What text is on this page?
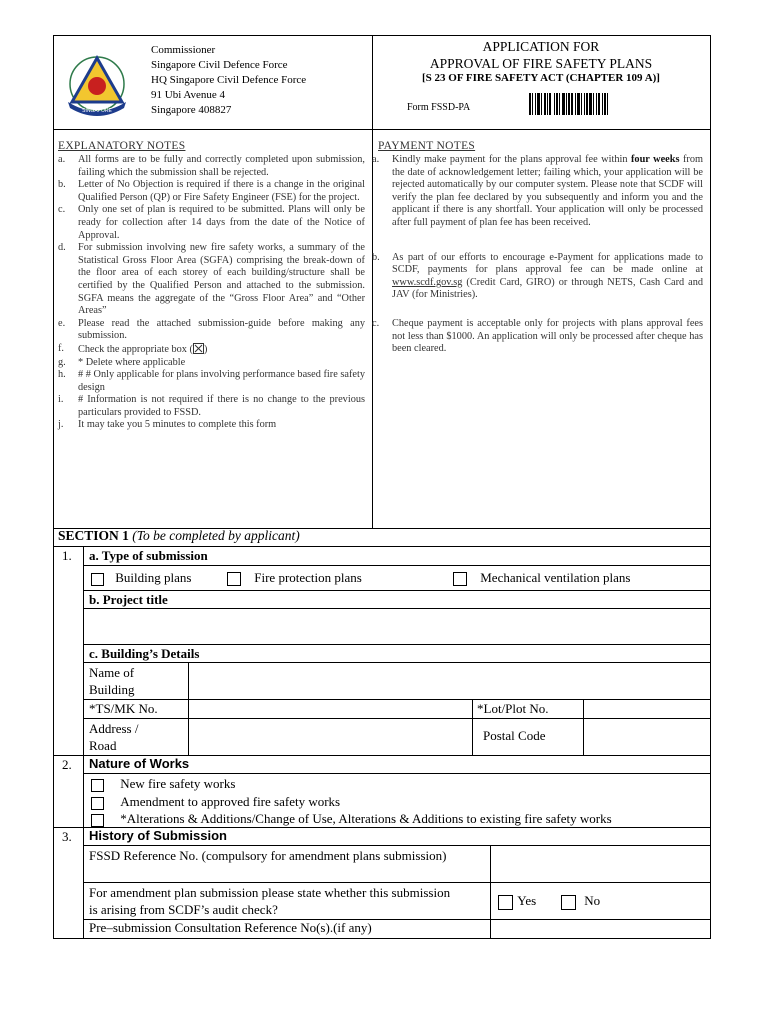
SINGAPORE
Commissioner
Singapore Civil Defence Force
HQ Singapore Civil Defence Force
91 Ubi Avenue 4
Singapore 408827
APPLICATION FOR
APPROVAL OF FIRE SAFETY PLANS
[S 23 OF FIRE SAFETY ACT (CHAPTER 109 A)]
Form FSSD-PA
EXPLANATORY NOTES
a.	All forms are to be fully and correctly completed upon submission, failing which the submission shall be rejected.
b.	Letter of No Objection is required if there is a change in the original Qualified Person (QP) or Fire Safety Engineer (FSE) for the project.
c.	Only one set of plan is required to be submitted. Plans will only be ready for collection after 14 days from the date of the Notice of Approval.
d.	For submission involving new fire safety works, a summary of the Statistical Gross Floor Area (SGFA) comprising the break-down of the floor area of each storey of each building/structure shall be certified by the Qualified Person and attached to the submission. SGFA means the aggregate of the “Gross Floor Area” and “Other Areas”
e.	Please read the attached submission-guide before making any submission.
f.	Check the appropriate box ( )
g.	* Delete where applicable
h.	# # Only applicable for plans involving performance based fire safety design
i.	# Information is not required if there is no change to the previous particulars provided to FSSD.
j.	It may take you 5 minutes to complete this form
PAYMENT NOTES
a.	Kindly make payment for the plans approval fee within four weeks from the date of acknowledgement letter; failing which, your application will be rejected automatically by our computer system. Please note that SCDF will verify the plan fee declared by you subsequently and inform you and the applicant if there is any shortfall. Your application will only be processed after full payment of plan fee has been received.
b.	As part of our efforts to encourage e-Payment for applications made to SCDF, payments for plans approval fee can be made online at www.scdf.gov.sg (Credit Card, GIRO) or through NETS, Cash Card and JAV (for Ministries).
c.	Cheque payment is acceptable only for projects with plans approval fees not less than $1000. An application will only be processed after cheque has been cleared.
SECTION 1 (To be completed by applicant)
1. a. Type of submission
Building plans	Fire protection plans	Mechanical ventilation plans
b. Project title
c. Building’s Details
Name of Building
*TS/MK No.	*Lot/Plot No.
Address / Road
Postal Code
2. Nature of Works
New fire safety works
Amendment to approved fire safety works
*Alterations & Additions/Change of Use, Alterations & Additions to existing fire safety works
3. History of Submission
FSSD Reference No. (compulsory for amendment plans submission)
For amendment plan submission please state whether this submission is arising from SCDF’s audit check?
Yes	No
Pre–submission Consultation Reference No(s).(if any)
